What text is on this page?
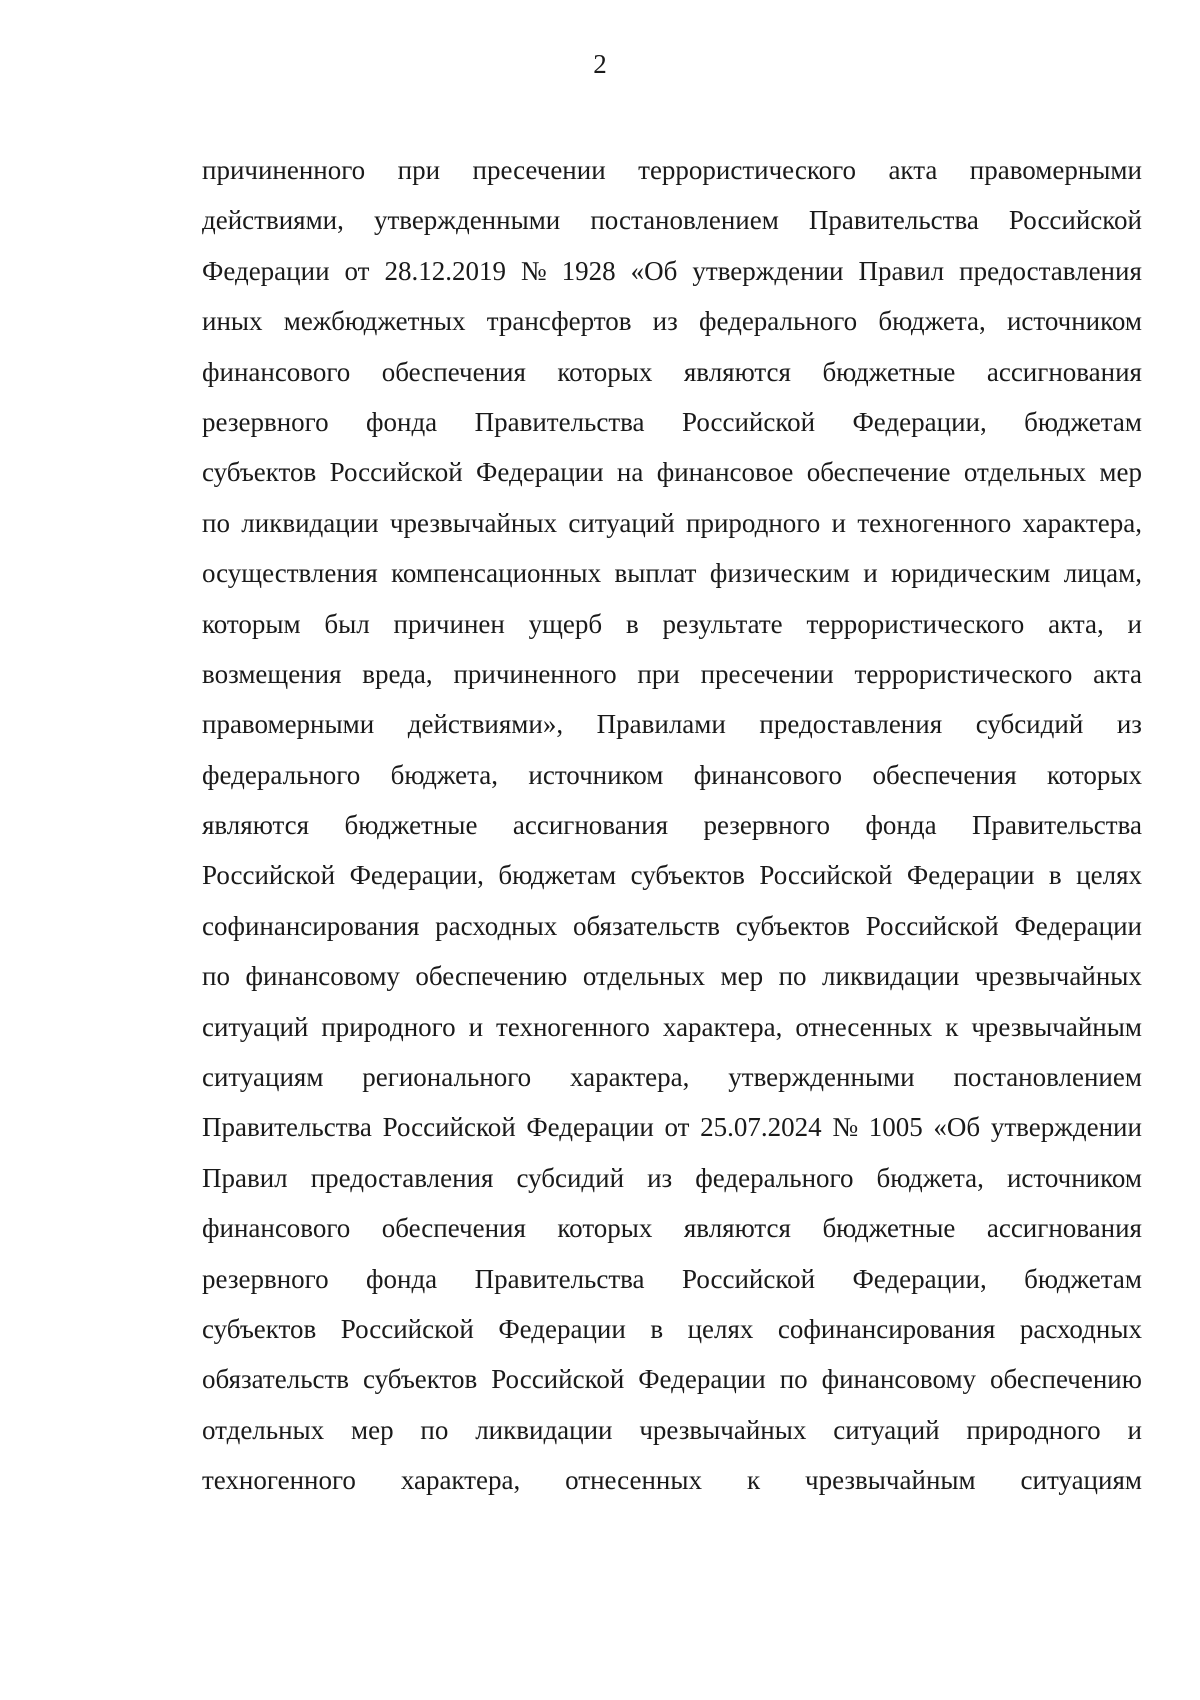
2
причиненного при пресечении террористического акта правомерными
действиями, утвержденными постановлением Правительства Российской
Федерации от 28.12.2019 № 1928 «Об утверждении Правил предоставления
иных межбюджетных трансфертов из федерального бюджета, источником
финансового обеспечения которых являются бюджетные ассигнования
резервного фонда Правительства Российской Федерации, бюджетам
субъектов Российской Федерации на финансовое обеспечение отдельных мер
по ликвидации чрезвычайных ситуаций природного и техногенного характера,
осуществления компенсационных выплат физическим и юридическим лицам,
которым был причинен ущерб в результате террористического акта, и
возмещения вреда, причиненного при пресечении террористического акта
правомерными действиями», Правилами предоставления субсидий из
федерального бюджета, источником финансового обеспечения которых
являются бюджетные ассигнования резервного фонда Правительства
Российской Федерации, бюджетам субъектов Российской Федерации в целях
софинансирования расходных обязательств субъектов Российской Федерации
по финансовому обеспечению отдельных мер по ликвидации чрезвычайных
ситуаций природного и техногенного характера, отнесенных к чрезвычайным
ситуациям регионального характера, утвержденными постановлением
Правительства Российской Федерации от 25.07.2024 № 1005 «Об утверждении
Правил предоставления субсидий из федерального бюджета, источником
финансового обеспечения которых являются бюджетные ассигнования
резервного фонда Правительства Российской Федерации, бюджетам
субъектов Российской Федерации в целях софинансирования расходных
обязательств субъектов Российской Федерации по финансовому обеспечению
отдельных мер по ликвидации чрезвычайных ситуаций природного и
техногенного характера, отнесенных к чрезвычайным ситуациям
